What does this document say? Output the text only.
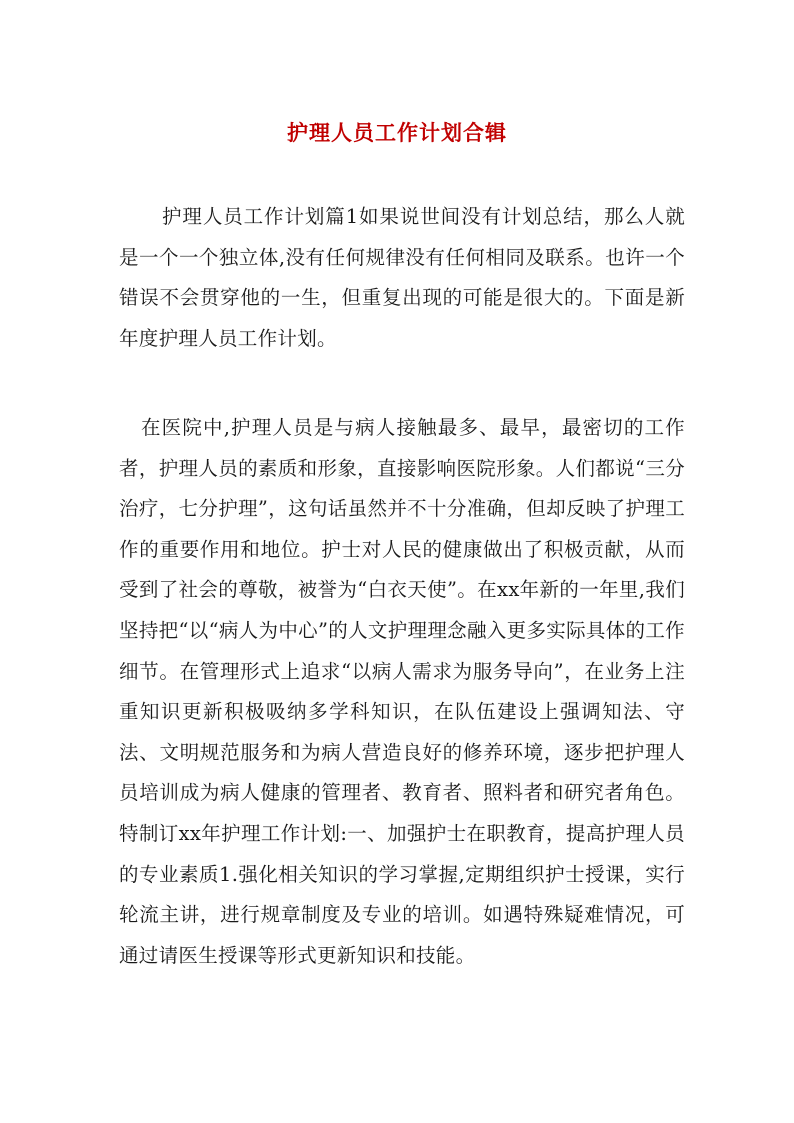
护理人员工作计划合辑

护理人员工作计划篇1如果说世间没有计划总结，那么人就是一个一个独立体,没有任何规律没有任何相同及联系。也许一个错误不会贯穿他的一生，但重复出现的可能是很大的。下面是新年度护理人员工作计划。

在医院中,护理人员是与病人接触最多、最早，最密切的工作者，护理人员的素质和形象，直接影响医院形象。人们都说“三分治疗，七分护理”，这句话虽然并不十分准确，但却反映了护理工作的重要作用和地位。护士对人民的健康做出了积极贡献，从而受到了社会的尊敬，被誉为“白衣天使”。在xx年新的一年里,我们坚持把“以“病人为中心”的人文护理理念融入更多实际具体的工作细节。在管理形式上追求“以病人需求为服务导向”，在业务上注重知识更新积极吸纳多学科知识，在队伍建设上强调知法、守法、文明规范服务和为病人营造良好的修养环境，逐步把护理人员培训成为病人健康的管理者、教育者、照料者和研究者角色。特制订xx年护理工作计划:一、加强护士在职教育，提高护理人员的专业素质1.强化相关知识的学习掌握,定期组织护士授课，实行轮流主讲，进行规章制度及专业的培训。如遇特殊疑难情况，可通过请医生授课等形式更新知识和技能。
